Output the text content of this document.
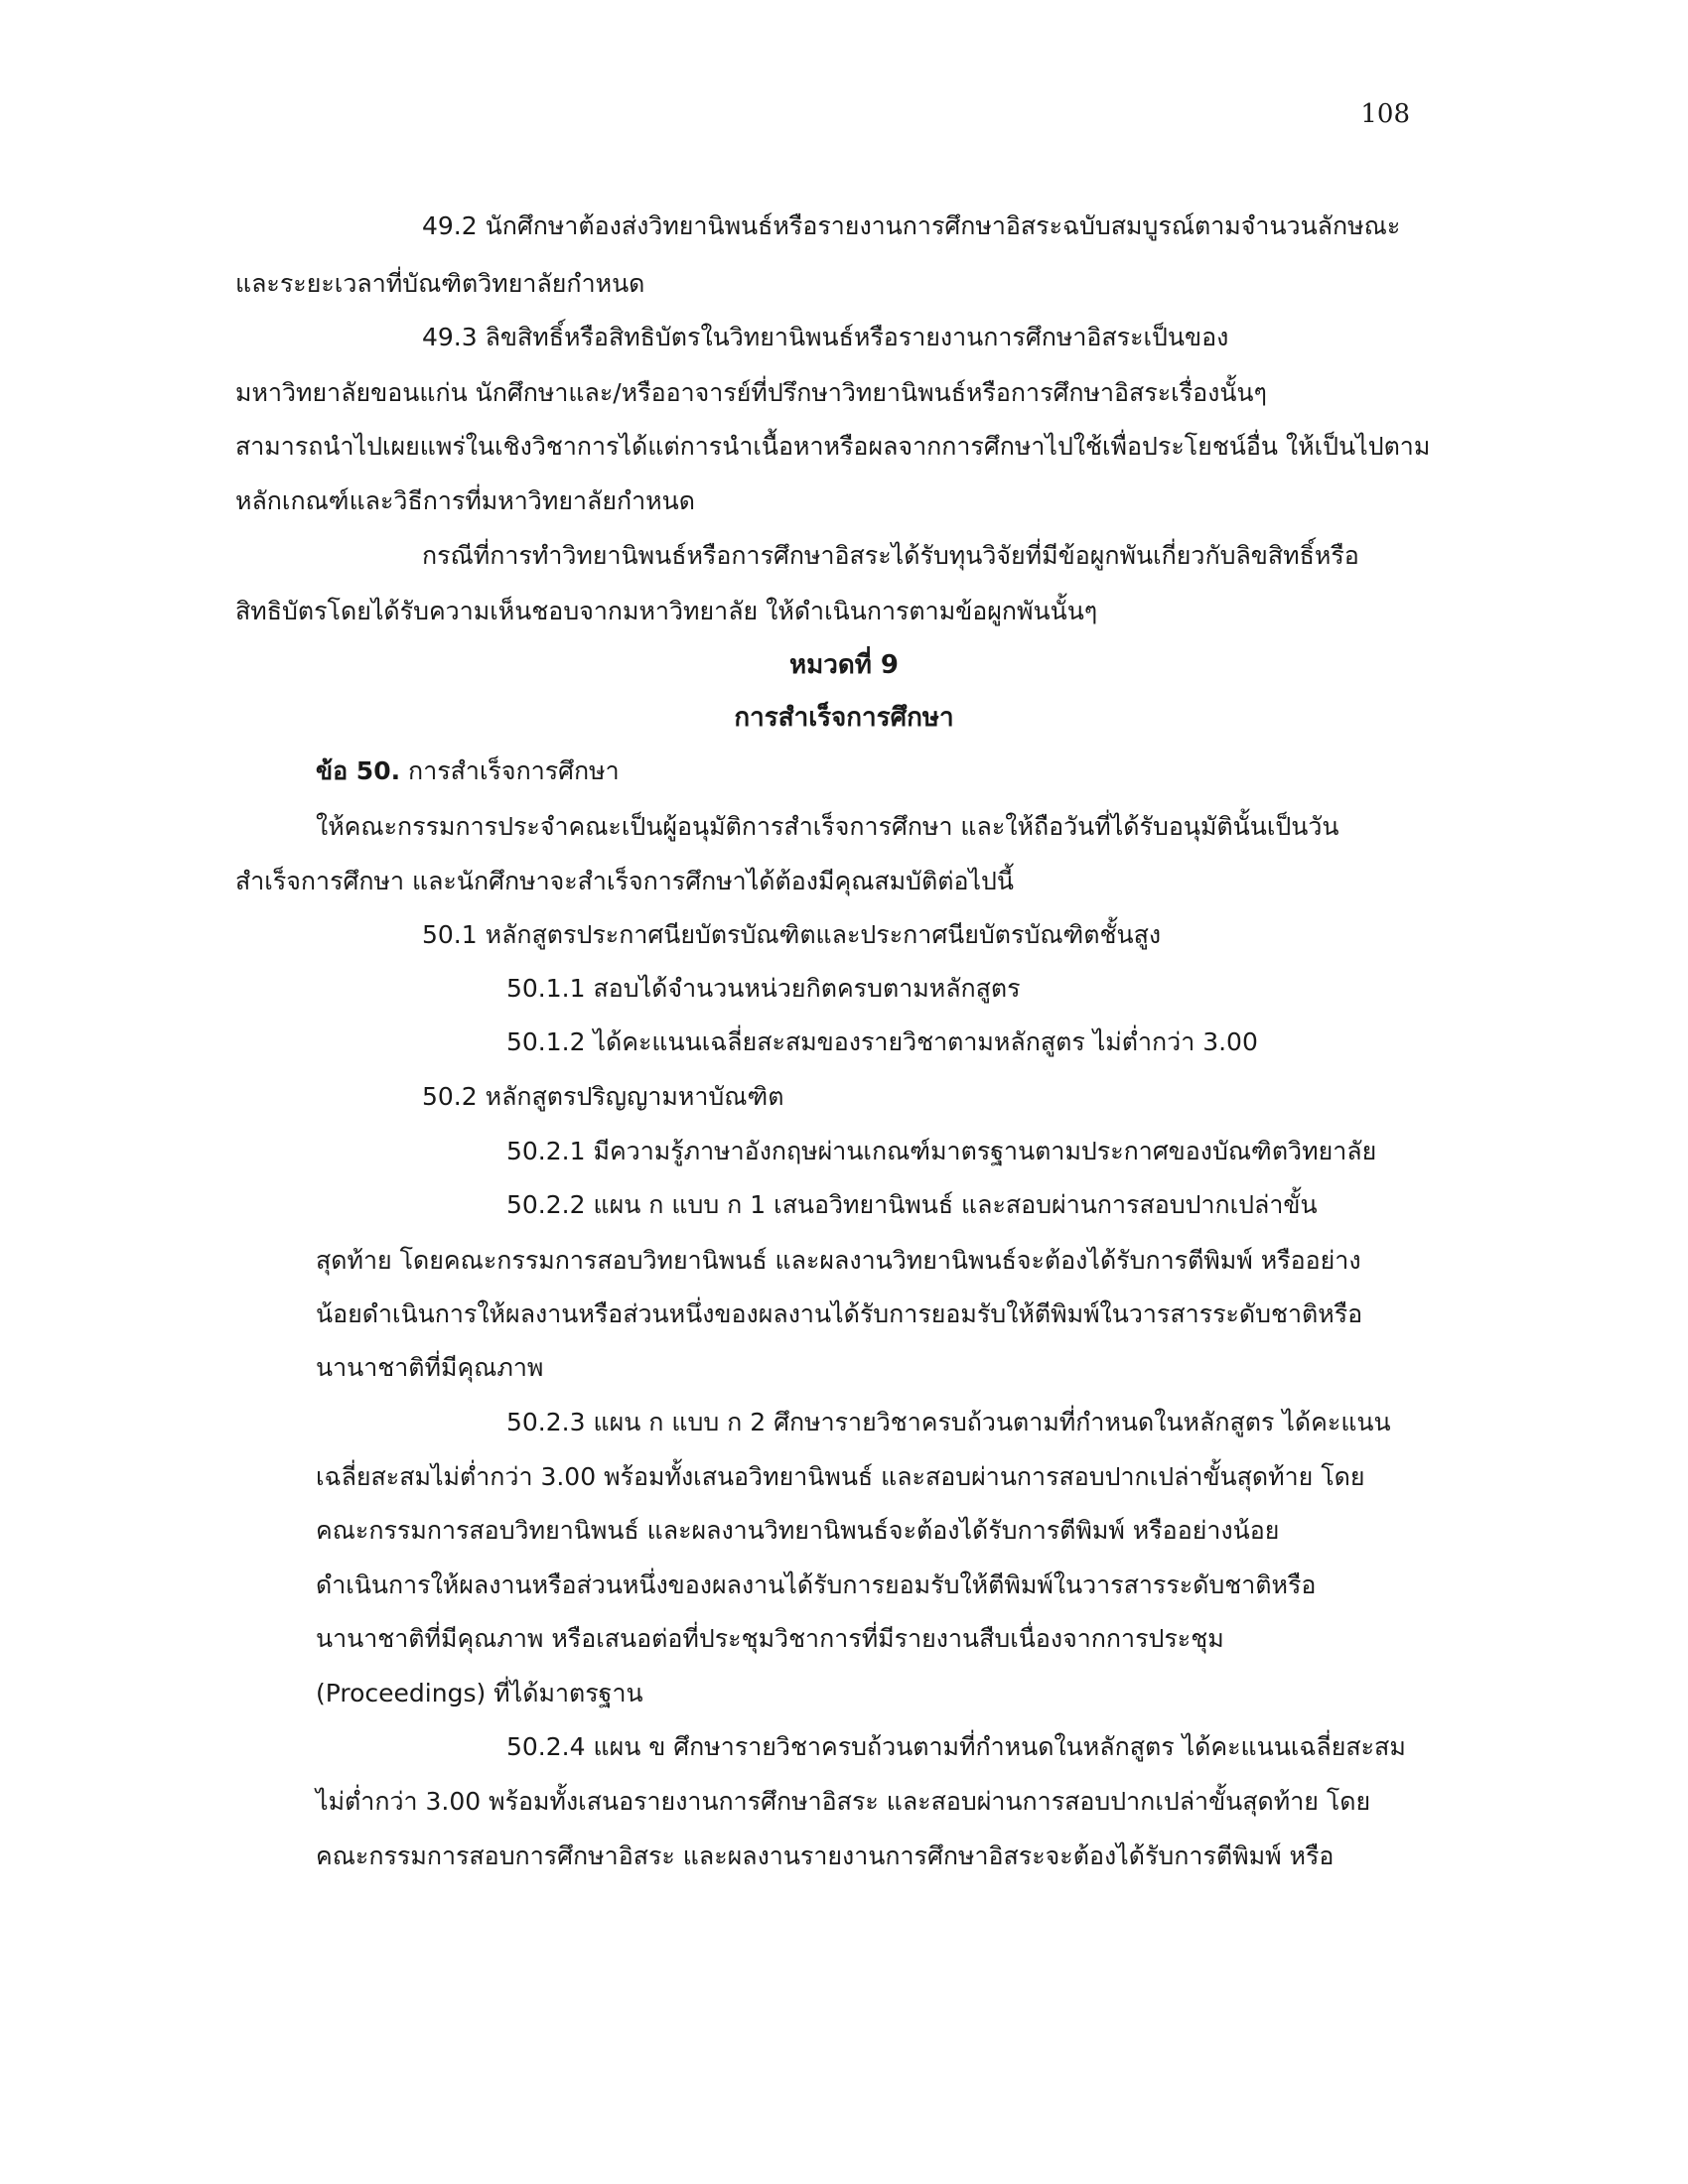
108
49.2 นักศึกษาต้องส่งวิทยานิพนธ์หรือรายงานการศึกษาอิสระฉบับสมบูรณ์ตามจำนวนลักษณะ
และระยะเวลาที่บัณฑิตวิทยาลัยกำหนด
49.3 ลิขสิทธิ์หรือสิทธิบัตรในวิทยานิพนธ์หรือรายงานการศึกษาอิสระเป็นของ
มหาวิทยาลัยขอนแก่น นักศึกษาและ/หรืออาจารย์ที่ปรึกษาวิทยานิพนธ์หรือการศึกษาอิสระเรื่องนั้นๆ
สามารถนำไปเผยแพร่ในเชิงวิชาการได้แต่การนำเนื้อหาหรือผลจากการศึกษาไปใช้เพื่อประโยชน์อื่น ให้เป็นไปตาม
หลักเกณฑ์และวิธีการที่มหาวิทยาลัยกำหนด
กรณีที่การทำวิทยานิพนธ์หรือการศึกษาอิสระได้รับทุนวิจัยที่มีข้อผูกพันเกี่ยวกับลิขสิทธิ์หรือ
สิทธิบัตรโดยได้รับความเห็นชอบจากมหาวิทยาลัย ให้ดำเนินการตามข้อผูกพันนั้นๆ
หมวดที่ 9
การสำเร็จการศึกษา
ข้อ 50. การสำเร็จการศึกษา
ให้คณะกรรมการประจำคณะเป็นผู้อนุมัติการสำเร็จการศึกษา และให้ถือวันที่ได้รับอนุมัตินั้นเป็นวัน
สำเร็จการศึกษา และนักศึกษาจะสำเร็จการศึกษาได้ต้องมีคุณสมบัติต่อไปนี้
50.1 หลักสูตรประกาศนียบัตรบัณฑิตและประกาศนียบัตรบัณฑิตชั้นสูง
50.1.1 สอบได้จำนวนหน่วยกิตครบตามหลักสูตร
50.1.2 ได้คะแนนเฉลี่ยสะสมของรายวิชาตามหลักสูตร ไม่ต่ำกว่า 3.00
50.2 หลักสูตรปริญญามหาบัณฑิต
50.2.1 มีความรู้ภาษาอังกฤษผ่านเกณฑ์มาตรฐานตามประกาศของบัณฑิตวิทยาลัย
50.2.2 แผน ก แบบ ก 1 เสนอวิทยานิพนธ์ และสอบผ่านการสอบปากเปล่าขั้น
สุดท้าย โดยคณะกรรมการสอบวิทยานิพนธ์ และผลงานวิทยานิพนธ์จะต้องได้รับการตีพิมพ์ หรืออย่าง
น้อยดำเนินการให้ผลงานหรือส่วนหนึ่งของผลงานได้รับการยอมรับให้ตีพิมพ์ในวารสารระดับชาติหรือ
นานาชาติที่มีคุณภาพ
50.2.3 แผน ก แบบ ก 2 ศึกษารายวิชาครบถ้วนตามที่กำหนดในหลักสูตร ได้คะแนน
เฉลี่ยสะสมไม่ต่ำกว่า 3.00 พร้อมทั้งเสนอวิทยานิพนธ์ และสอบผ่านการสอบปากเปล่าขั้นสุดท้าย โดย
คณะกรรมการสอบวิทยานิพนธ์ และผลงานวิทยานิพนธ์จะต้องได้รับการตีพิมพ์ หรืออย่างน้อย
ดำเนินการให้ผลงานหรือส่วนหนึ่งของผลงานได้รับการยอมรับให้ตีพิมพ์ในวารสารระดับชาติหรือ
นานาชาติที่มีคุณภาพ หรือเสนอต่อที่ประชุมวิชาการที่มีรายงานสืบเนื่องจากการประชุม
(Proceedings) ที่ได้มาตรฐาน
50.2.4 แผน ข ศึกษารายวิชาครบถ้วนตามที่กำหนดในหลักสูตร ได้คะแนนเฉลี่ยสะสม
ไม่ต่ำกว่า 3.00 พร้อมทั้งเสนอรายงานการศึกษาอิสระ และสอบผ่านการสอบปากเปล่าขั้นสุดท้าย โดย
คณะกรรมการสอบการศึกษาอิสระ และผลงานรายงานการศึกษาอิสระจะต้องได้รับการตีพิมพ์ หรือ
